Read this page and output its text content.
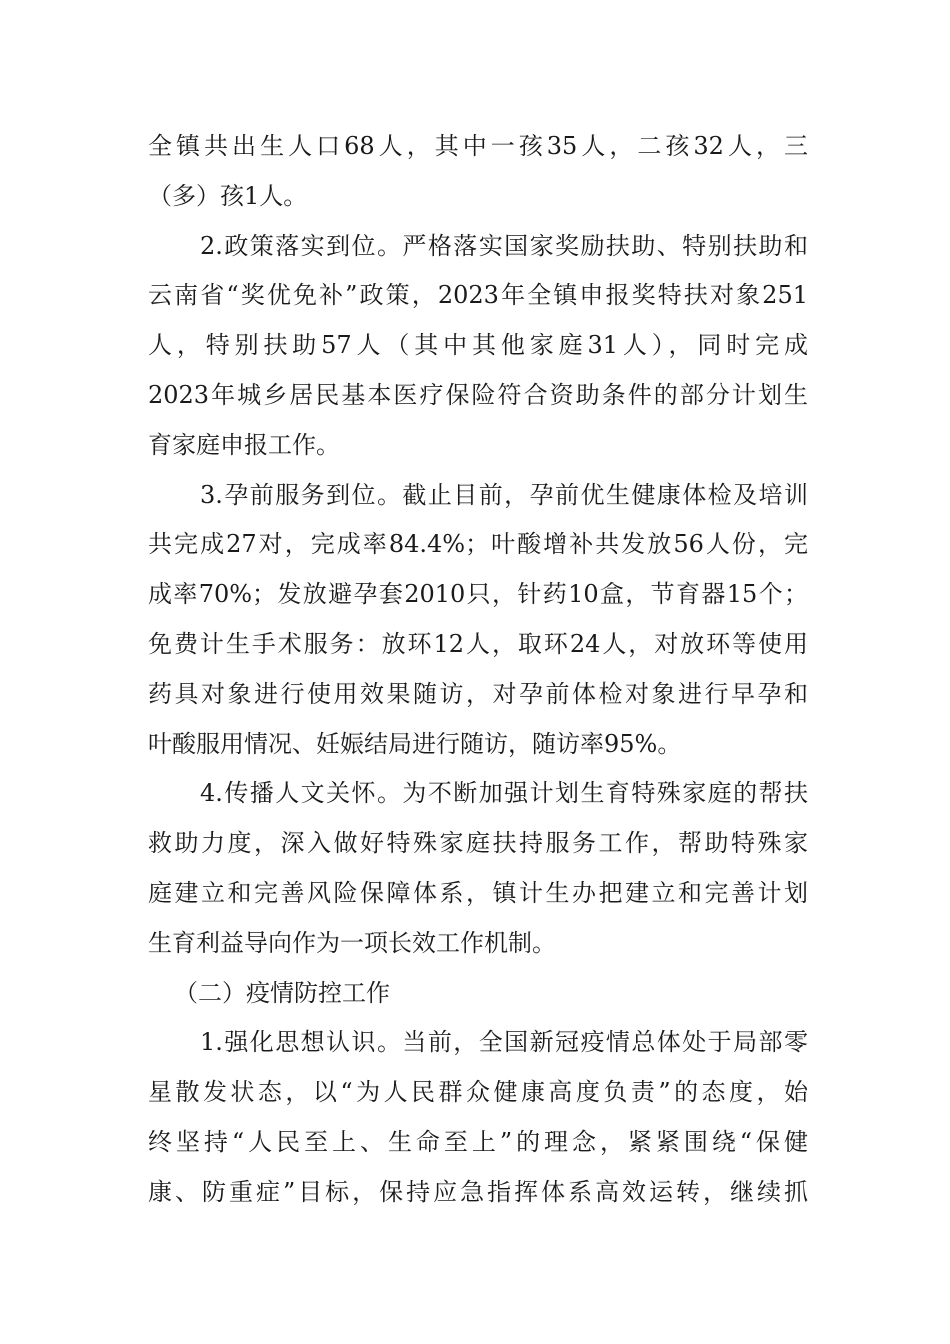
全镇共出生人口68人，其中一孩35人，二孩32人，三
（多）孩1人。
2.政策落实到位。严格落实国家奖励扶助、特别扶助和
云南省“奖优免补”政策，2023年全镇申报奖特扶对象251
人，特别扶助57人（其中其他家庭31人），同时完成
2023年城乡居民基本医疗保险符合资助条件的部分计划生
育家庭申报工作。
3.孕前服务到位。截止目前，孕前优生健康体检及培训
共完成27对，完成率84.4%；叶酸增补共发放56人份，完
成率70%；发放避孕套2010只，针药10盒，节育器15个；
免费计生手术服务：放环12人，取环24人，对放环等使用
药具对象进行使用效果随访，对孕前体检对象进行早孕和
叶酸服用情况、妊娠结局进行随访，随访率95%。
4.传播人文关怀。为不断加强计划生育特殊家庭的帮扶
救助力度，深入做好特殊家庭扶持服务工作，帮助特殊家
庭建立和完善风险保障体系，镇计生办把建立和完善计划
生育利益导向作为一项长效工作机制。
（二）疫情防控工作
1.强化思想认识。当前，全国新冠疫情总体处于局部零
星散发状态，以“为人民群众健康高度负责”的态度，始
终坚持“人民至上、生命至上”的理念，紧紧围绕“保健
康、防重症”目标，保持应急指挥体系高效运转，继续抓
